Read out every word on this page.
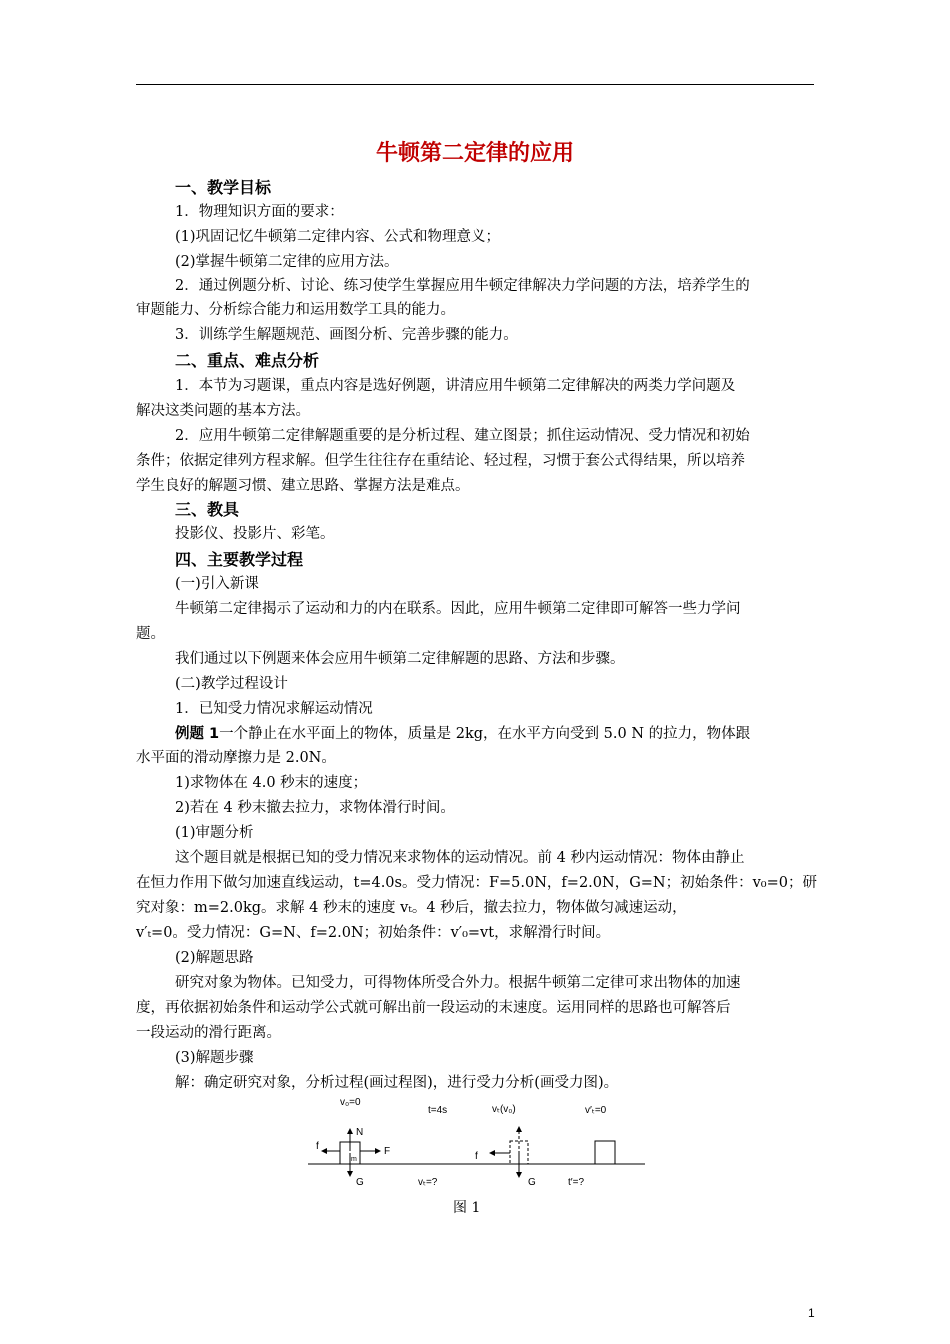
牛顿第二定律的应用
一、教学目标
1．物理知识方面的要求：
(1)巩固记忆牛顿第二定律内容、公式和物理意义；
(2)掌握牛顿第二定律的应用方法。
2．通过例题分析、讨论、练习使学生掌握应用牛顿定律解决力学问题的方法，培养学生的
审题能力、分析综合能力和运用数学工具的能力。
3．训练学生解题规范、画图分析、完善步骤的能力。
二、重点、难点分析
1．本节为习题课，重点内容是选好例题，讲清应用牛顿第二定律解决的两类力学问题及
解决这类问题的基本方法。
2．应用牛顿第二定律解题重要的是分析过程、建立图景；抓住运动情况、受力情况和初始
条件；依据定律列方程求解。但学生往往存在重结论、轻过程，习惯于套公式得结果，所以培养
学生良好的解题习惯、建立思路、掌握方法是难点。
三、教具
投影仪、投影片、彩笔。
四、主要教学过程
(一)引入新课
牛顿第二定律揭示了运动和力的内在联系。因此，应用牛顿第二定律即可解答一些力学问
题。
我们通过以下例题来体会应用牛顿第二定律解题的思路、方法和步骤。
(二)教学过程设计
1．已知受力情况求解运动情况
例题 1一个静止在水平面上的物体，质量是 2kg，在水平方向受到 5.0 N 的拉力，物体跟
水平面的滑动摩擦力是 2.0N。
1)求物体在 4.0 秒末的速度；
2)若在 4 秒末撤去拉力，求物体滑行时间。
(1)审题分析
这个题目就是根据已知的受力情况来求物体的运动情况。前 4 秒内运动情况：物体由静止
在恒力作用下做匀加速直线运动，t=4.0s。受力情况：F=5.0N，f=2.0N，G=N；初始条件：v₀=0；研
究对象：m=2.0kg。求解 4 秒末的速度 vₜ。4 秒后，撤去拉力，物体做匀减速运动，
v′ₜ=0。受力情况：G=N、f=2.0N；初始条件：v′₀=vt，求解滑行时间。
(2)解题思路
研究对象为物体。已知受力，可得物体所受合外力。根据牛顿第二定律可求出物体的加速
度，再依据初始条件和运动学公式就可解出前一段运动的末速度。运用同样的思路也可解答后
一段运动的滑行距离。
(3)解题步骤
解：确定研究对象，分析过程(画过程图)，进行受力分析(画受力图)。
v₀=0
N
F
f
m
G
t=4s
vₜ=?
f
G
vₜ(v₀)	v′ₜ=0
t′=?
图 1
1
